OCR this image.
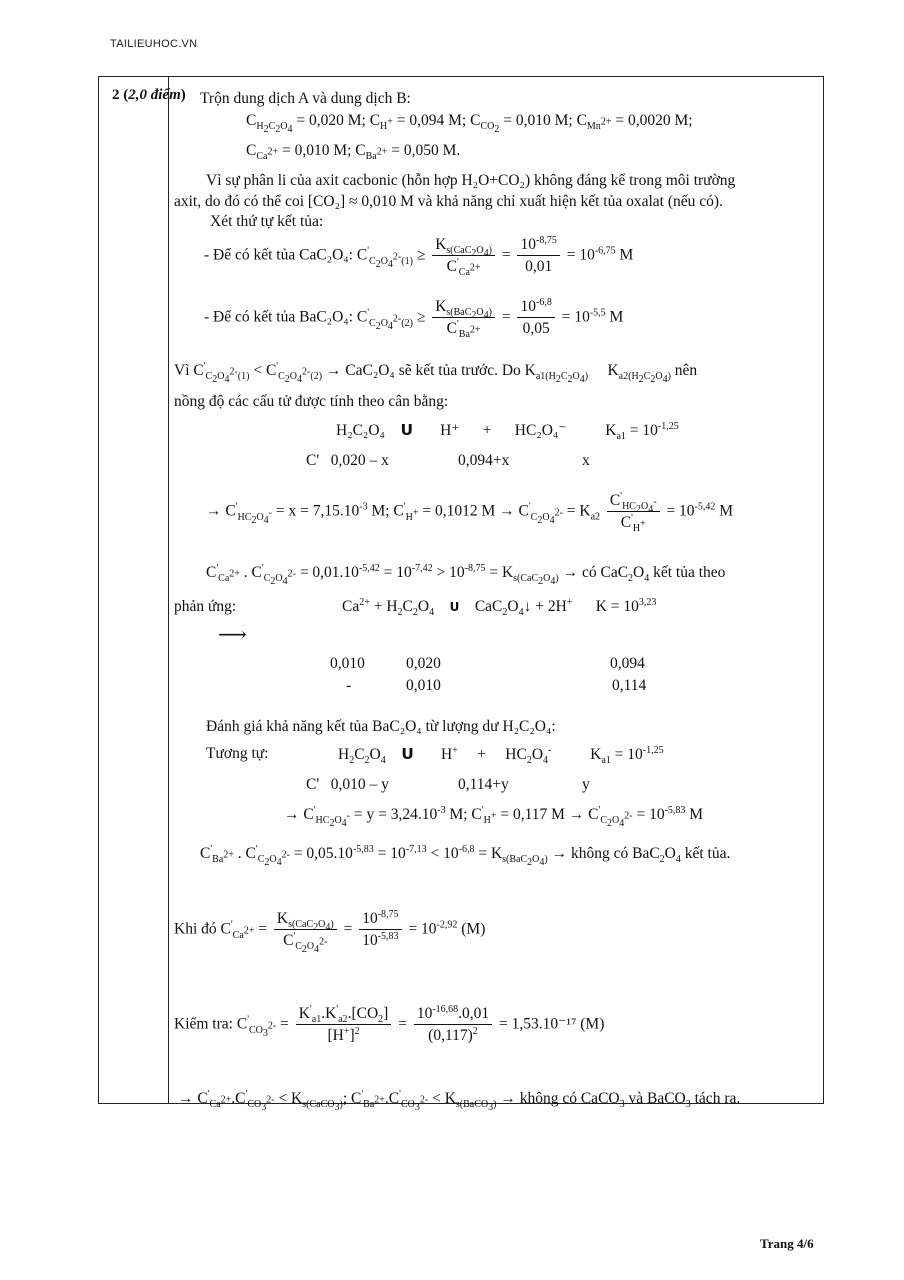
TAILIEUHOC.VN
2 (2,0 điểm) Trộn dung dịch A và dung dịch B:
$C_{H_2C_2O_4} = 0,020$ M; $C_{H^+} = 0,094$ M; $C_{CO_2} = 0,010$ M; $C_{Mn^{2+}} = 0,0020$ M;
$C_{Ca^{2+}} = 0,010$ M; $C_{Ba^{2+}} = 0,050$ M.
Vì sự phân li của axit cacbonic (hỗn hợp H₂O+CO₂) không đáng kể trong môi trường
axit, do đó có thể coi [CO₂] ≈ 0,010 M và khả năng chỉ xuất hiện kết tủa oxalat (nếu có).
Xét thứ tự kết tủa:
- Để có kết tủa CaC₂O₄: $C'_{C_2O_4^{2-}(1)} \ge \frac{K_{s(CaC_2O_4)}}{C'_{Ca^{2+}}} = \frac{10^{-8,75}}{0,01} = 10^{-6,75}$ M
- Để có kết tủa BaC₂O₄: $C'_{C_2O_4^{2-}(2)} \ge \frac{K_{s(BaC_2O_4)}}{C'_{Ba^{2+}}} = \frac{10^{-6,8}}{0,05} = 10^{-5,5}$ M
Vì $C'_{C_2O_4^{2-}(1)} < C'_{C_2O_4^{2-}(2)} \to CaC_2O_4$ sẽ kết tủa trước. Do $K_{a1(H_2C_2O_4)}$     $K_{a2(H_2C_2O_4)}$ nên
nồng độ các cấu tử được tính theo cân bằng:
H₂C₂O₄ U H⁺ + HC₂O₄⁻	$K_{a1} = 10^{-1,25}$
C' 0,020 – x	0,094+x	x
→ $C'_{HC_2O_4^-} = x = 7,15.10^{-3}$ M; $C'_{H^+} = 0,1012$ $M \to C'_{C_2O_4^{2-}} = K_{a2} \frac{C'_{HC_2O_4^-}}{C'_{H^+}} = 10^{-5,42}$ M
$C'_{Ca^{2+}}$ . $C'_{C_2O_4^{2-}} = 0,01.10^{-5,42} = 10^{-7,42} > 10^{-8,75} = K_{s(CaC_2O_4)}$ → có $CaC_2O_4$ kết tủa theo
phản ứng:	$Ca^{2+} + H_2C_2O_4$ U    $CaC_2O_4↓ + 2H^+$      $K = 10^{3,23}$
⟶
0,010	0,020	0,094
-	0,010	0,114
Đánh giá khả năng kết tủa BaC₂O₄ từ lượng dư H₂C₂O₄:
Tương tự:	$H_2C_2O_4$ U       H+     +     $HC_2O_4^-$          $K_{a1} = 10^{-1,25}$
C'   0,010 – y	0,114+y	y
→ $C'_{HC_2O_4^-} = y = 3,24.10^{-3}$ M; $C'_{H^+} = 0,117$ $M \to C'_{C_2O_4^{2-}} = 10^{-5,83}$ M
$C'_{Ba^{2+}}$ . $C'_{C_2O_4^{2-}} = 0,05.10^{-5,83} = 10^{-7,13} < 10^{-6,8} = K_{s(BaC_2O_4)}$ → không có $BaC_2O_4$ kết tủa.
Khi đó $C'_{Ca^{2+}} = \frac{K_{s(CaC_2O_4)}}{C'_{C_2O_4^{2-}}} = \frac{10^{-8,75}}{10^{-5,83}} = 10^{-2,92}$ (M)
Kiểm tra: $C'_{CO_3^{2-}} = \frac{K'_{a1}.K'_{a2}.[CO_2]}{[H^+]^2} = \frac{10^{-16,68}.0,01}{(0,117)^2} = 1,53.10^{-17}$ (M)
→ $C'_{Ca^{2+}}.C'_{CO_3^{2-}} < K_{s(CaCO_3)}$; $C'_{Ba^{2+}}.C'_{CO_3^{2-}} < K_{s(BaCO_3)}$ → không có CaCO$_3$ và BaCO$_3$ tách ra.
Trang 4/6
